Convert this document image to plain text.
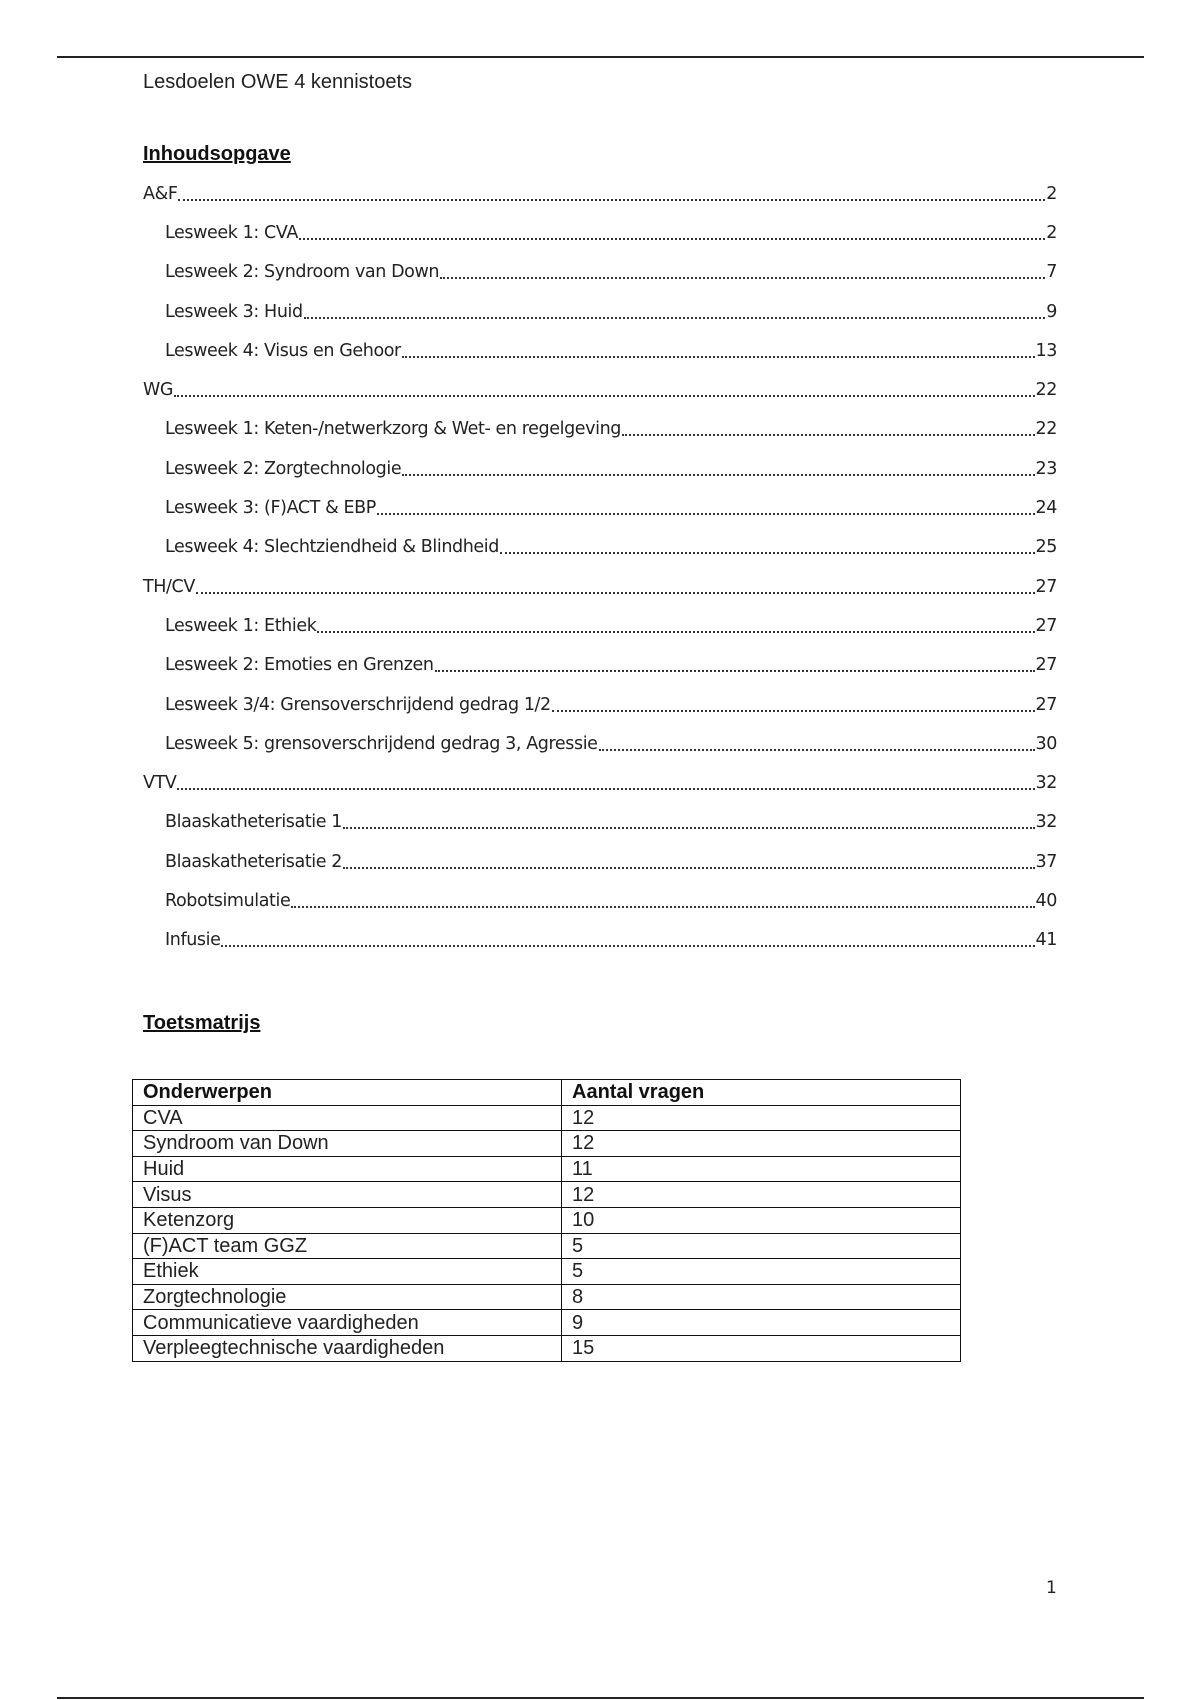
Lesdoelen OWE 4 kennistoets
Inhoudsopgave
A&F	2
Lesweek 1: CVA	2
Lesweek 2: Syndroom van Down	7
Lesweek 3: Huid	9
Lesweek 4: Visus en Gehoor	13
WG	22
Lesweek 1: Keten-/netwerkzorg & Wet- en regelgeving	22
Lesweek 2: Zorgtechnologie	23
Lesweek 3: (F)ACT & EBP	24
Lesweek 4: Slechtziendheid & Blindheid	25
TH/CV	27
Lesweek 1: Ethiek	27
Lesweek 2: Emoties en Grenzen	27
Lesweek 3/4: Grensoverschrijdend gedrag 1/2	27
Lesweek 5: grensoverschrijdend gedrag 3, Agressie	30
VTV	32
Blaaskatheterisatie 1	32
Blaaskatheterisatie 2	37
Robotsimulatie	40
Infusie	41
Toetsmatrijs
Onderwerpen	Aantal vragen
CVA	12
Syndroom van Down	12
Huid	11
Visus	12
Ketenzorg	10
(F)ACT team GGZ	5
Ethiek	5
Zorgtechnologie	8
Communicatieve vaardigheden	9
Verpleegtechnische vaardigheden	15
1
